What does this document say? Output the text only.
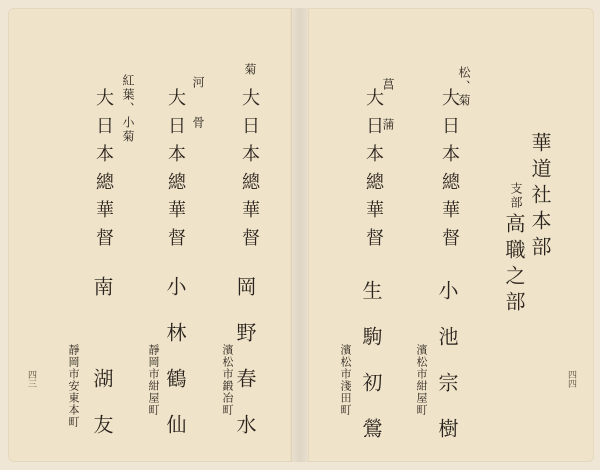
菊
大日本總華督
岡野春水
濱松市鍛冶町
河　骨
大日本總華督
小林鶴仙
靜岡市紺屋町
紅葉、小菊
大日本總華督
南　湖友
靜岡市安東本町
四三
松、菊
大日本總華督
小池宗樹
濱松市紺屋町
菖　蒲
大日本總華督
生駒初鶯
濱松市淺田町
華道社本部
支部
高職之部
四四
